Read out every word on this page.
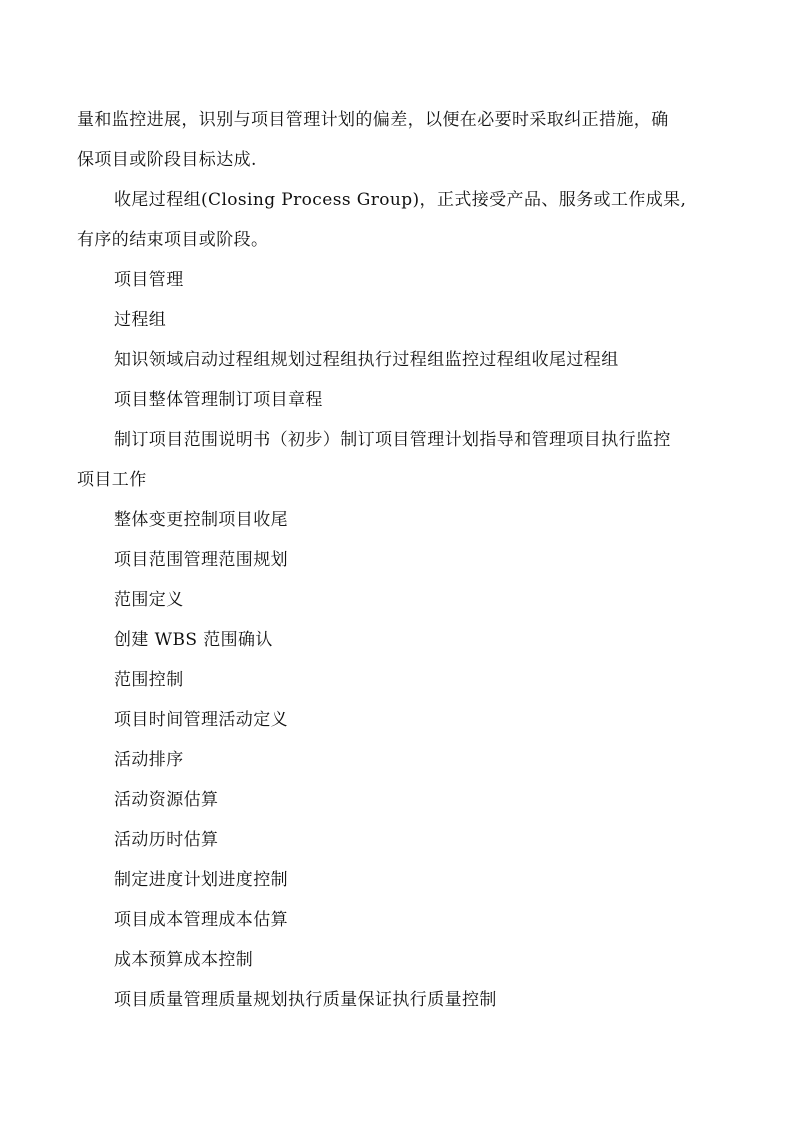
量和监控进展，识别与项目管理计划的偏差，以便在必要时采取纠正措施，确

保项目或阶段目标达成.

收尾过程组(Closing Process Group)，正式接受产品、服务或工作成果,

有序的结束项目或阶段。

项目管理

过程组

知识领域启动过程组规划过程组执行过程组监控过程组收尾过程组

项目整体管理制订项目章程

制订项目范围说明书（初步）制订项目管理计划指导和管理项目执行监控

项目工作

整体变更控制项目收尾

项目范围管理范围规划

范围定义

创建 WBS 范围确认

范围控制

项目时间管理活动定义

活动排序

活动资源估算

活动历时估算

制定进度计划进度控制

项目成本管理成本估算

成本预算成本控制

项目质量管理质量规划执行质量保证执行质量控制
